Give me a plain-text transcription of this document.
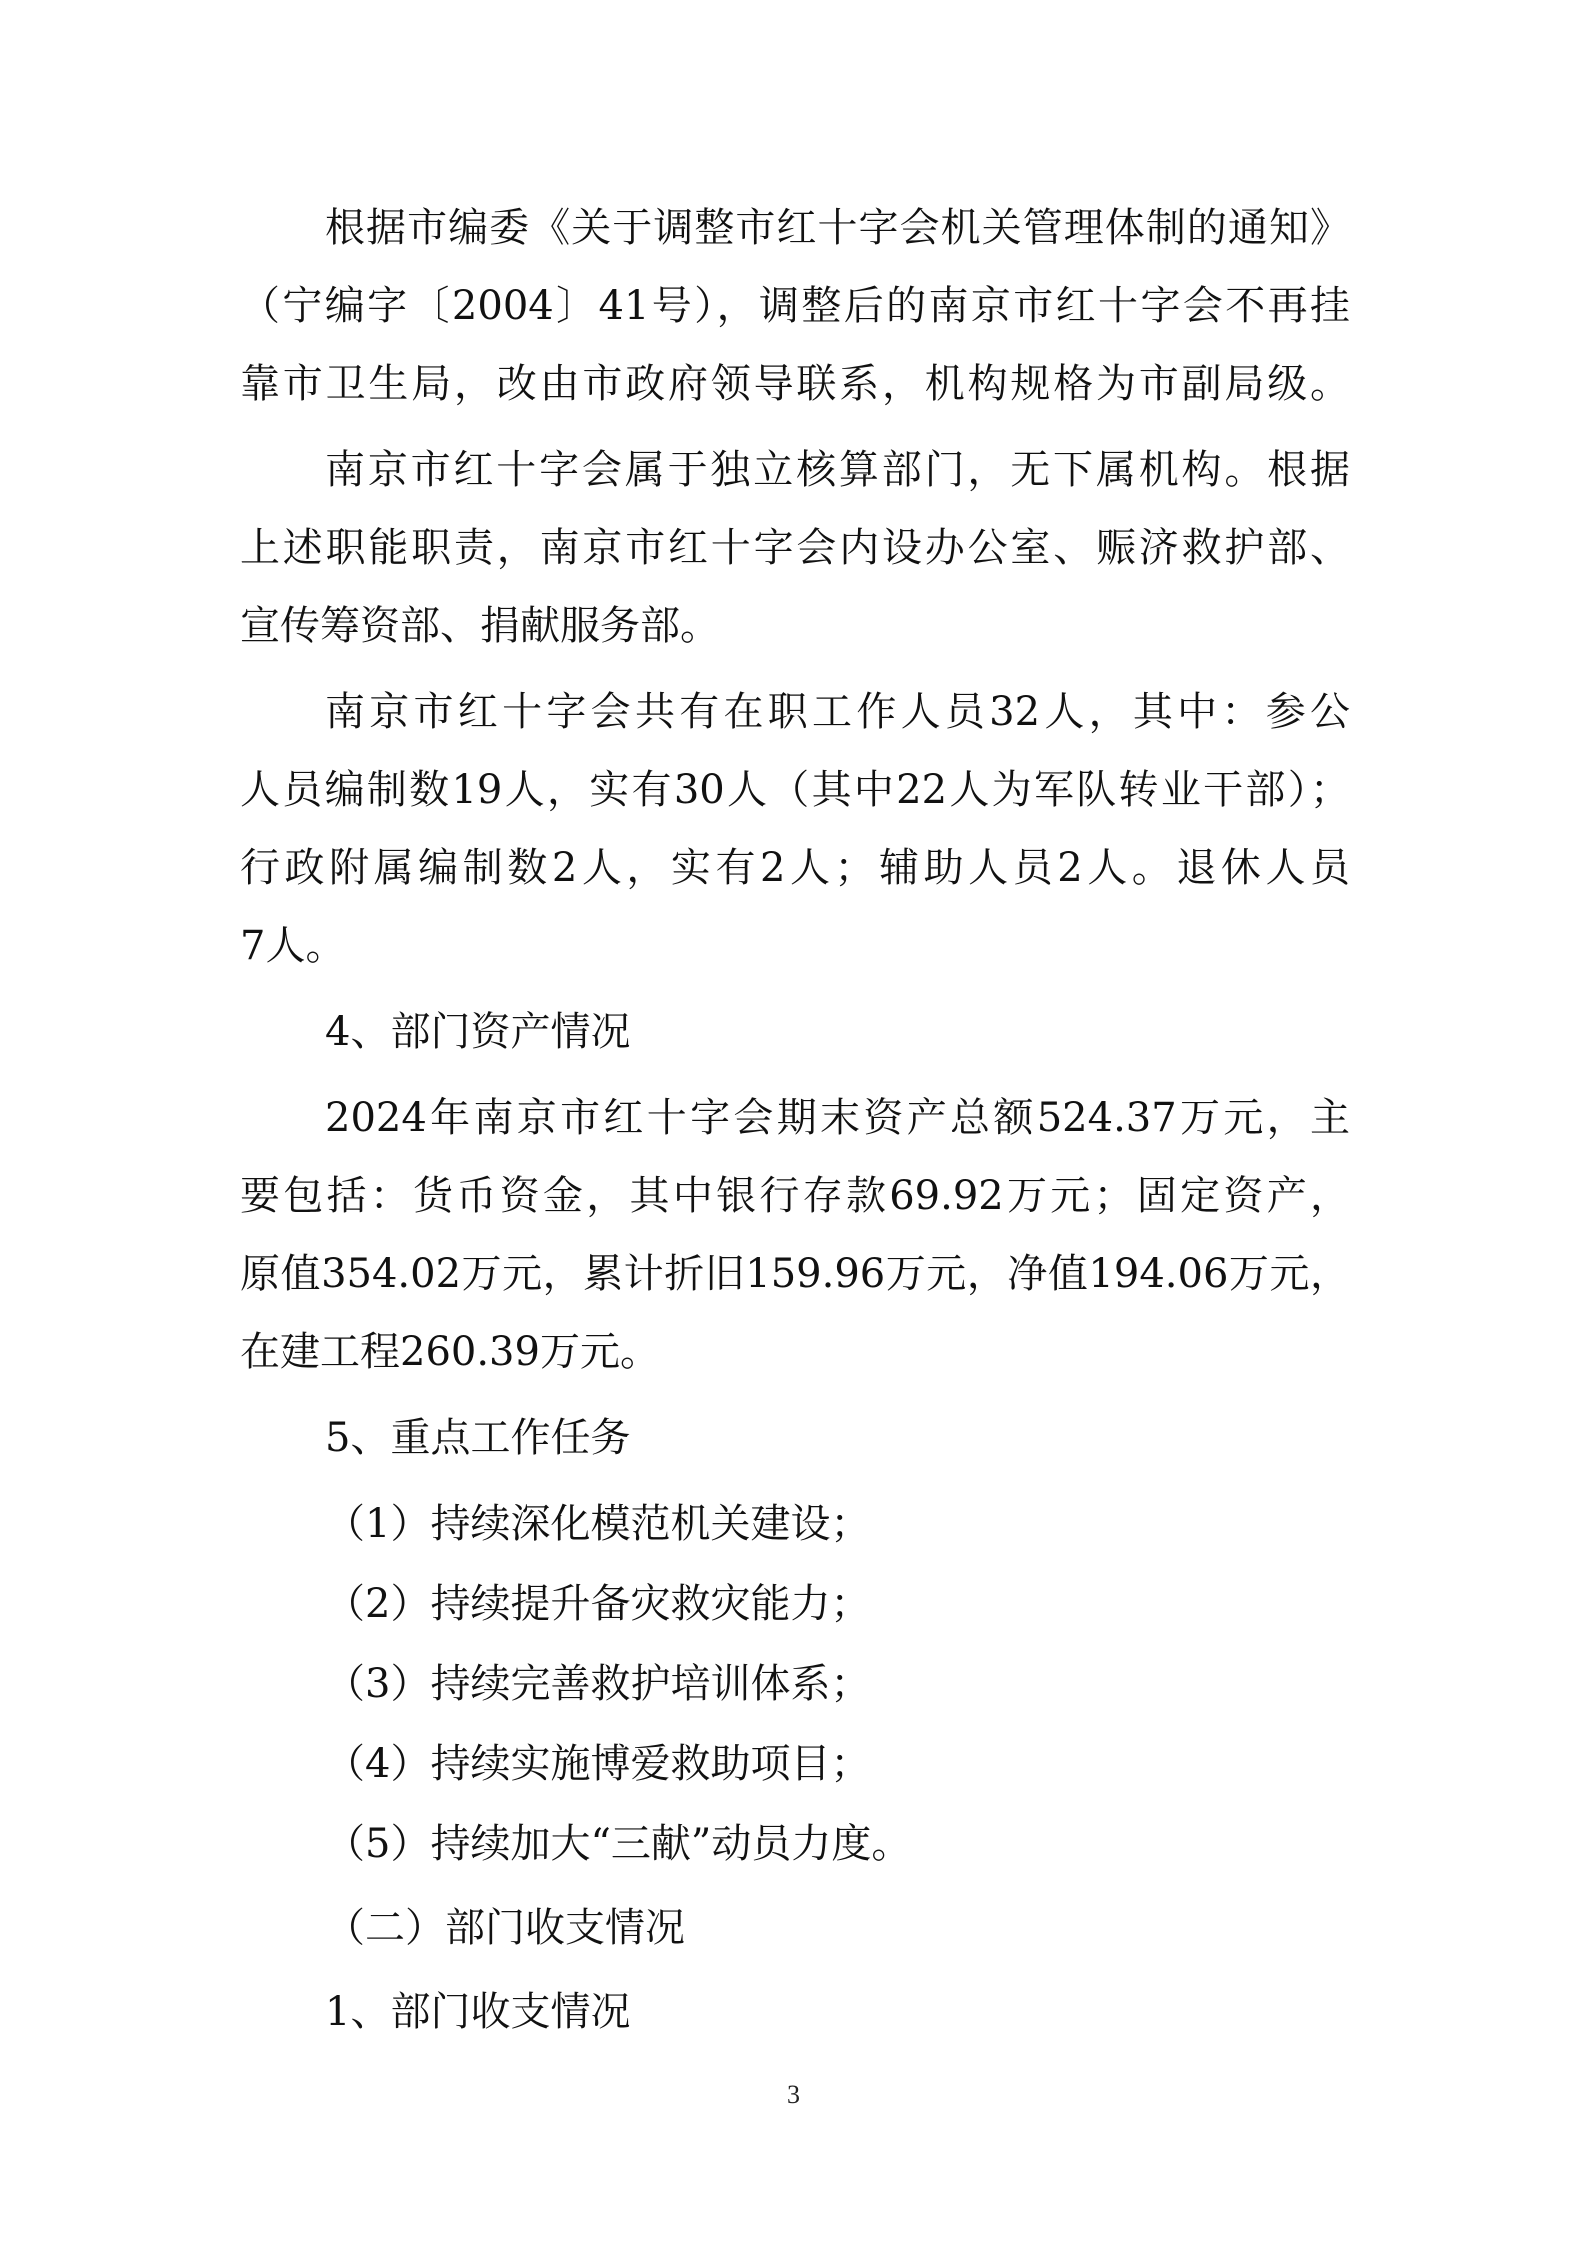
根据市编委《关于调整市红十字会机关管理体制的通知》
（宁编字〔2004〕41号），调整后的南京市红十字会不再挂
靠市卫生局，改由市政府领导联系，机构规格为市副局级。
南京市红十字会属于独立核算部门，无下属机构。根据
上述职能职责，南京市红十字会内设办公室、赈济救护部、
宣传筹资部、捐献服务部。
南京市红十字会共有在职工作人员32人，其中：参公
人员编制数19人，实有30人（其中22人为军队转业干部）；
行政附属编制数2人，实有2人；辅助人员2人。退休人员
7人。
4、部门资产情况
2024年南京市红十字会期末资产总额524.37万元，主
要包括：货币资金，其中银行存款69.92万元；固定资产，
原值354.02万元，累计折旧159.96万元，净值194.06万元，
在建工程260.39万元。
5、重点工作任务
（1）持续深化模范机关建设；
（2）持续提升备灾救灾能力；
（3）持续完善救护培训体系；
（4）持续实施博爱救助项目；
（5）持续加大“三献”动员力度。
（二）部门收支情况
1、部门收支情况
3
